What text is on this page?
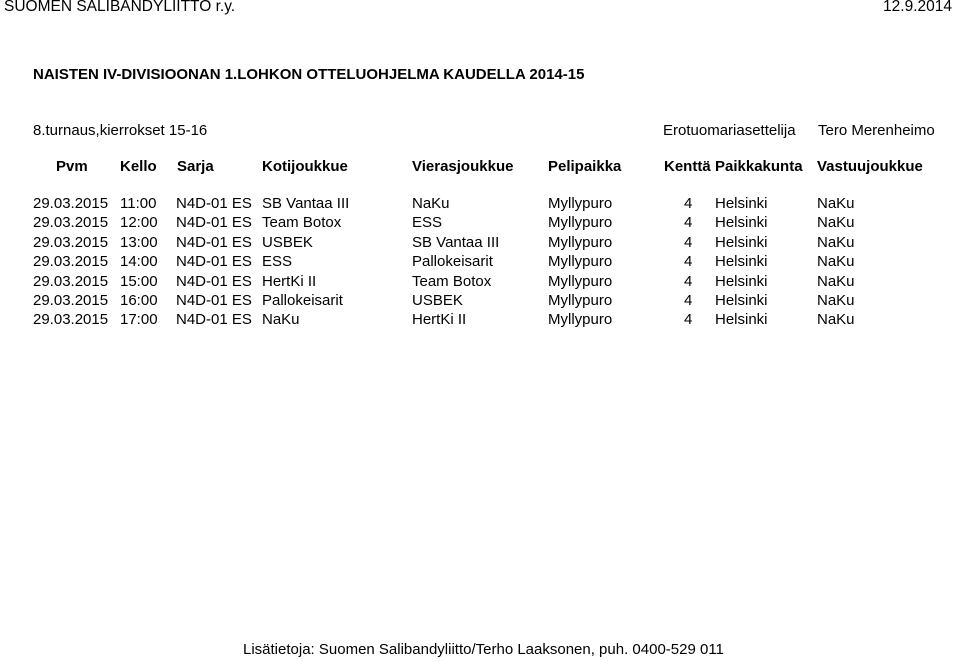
SUOMEN SALIBANDYLIITTO r.y.	12.9.2014
NAISTEN IV-DIVISIOONAN 1.LOHKON OTTELUOHJELMA KAUDELLA 2014-15
8.turnaus,kierrokset 15-16	Erotuomariasettelija Tero Merenheimo
Pvm Kello Sarja	Kotijoukkue	Vierasjoukkue Pelipaikka	Kenttä Paikkakunta Vastuujoukkue
	29.03.2015	11:00	N4D-01 ES	SB Vantaa III	NaKu	Myllypuro	4	Helsinki	NaKu
	29.03.2015	12:00	N4D-01 ES	Team Botox	ESS	Myllypuro	4	Helsinki	NaKu
	29.03.2015	13:00	N4D-01 ES	USBEK	SB Vantaa III	Myllypuro	4	Helsinki	NaKu
	29.03.2015	14:00	N4D-01 ES	ESS	Pallokeisarit	Myllypuro	4	Helsinki	NaKu
	29.03.2015	15:00	N4D-01 ES	HertKi II	Team Botox	Myllypuro	4	Helsinki	NaKu
	29.03.2015	16:00	N4D-01 ES	Pallokeisarit	USBEK	Myllypuro	4	Helsinki	NaKu
	29.03.2015	17:00	N4D-01 ES	NaKu	HertKi II	Myllypuro	4	Helsinki	NaKu
Lisätietoja: Suomen Salibandyliitto/Terho Laaksonen, puh. 0400-529 011
